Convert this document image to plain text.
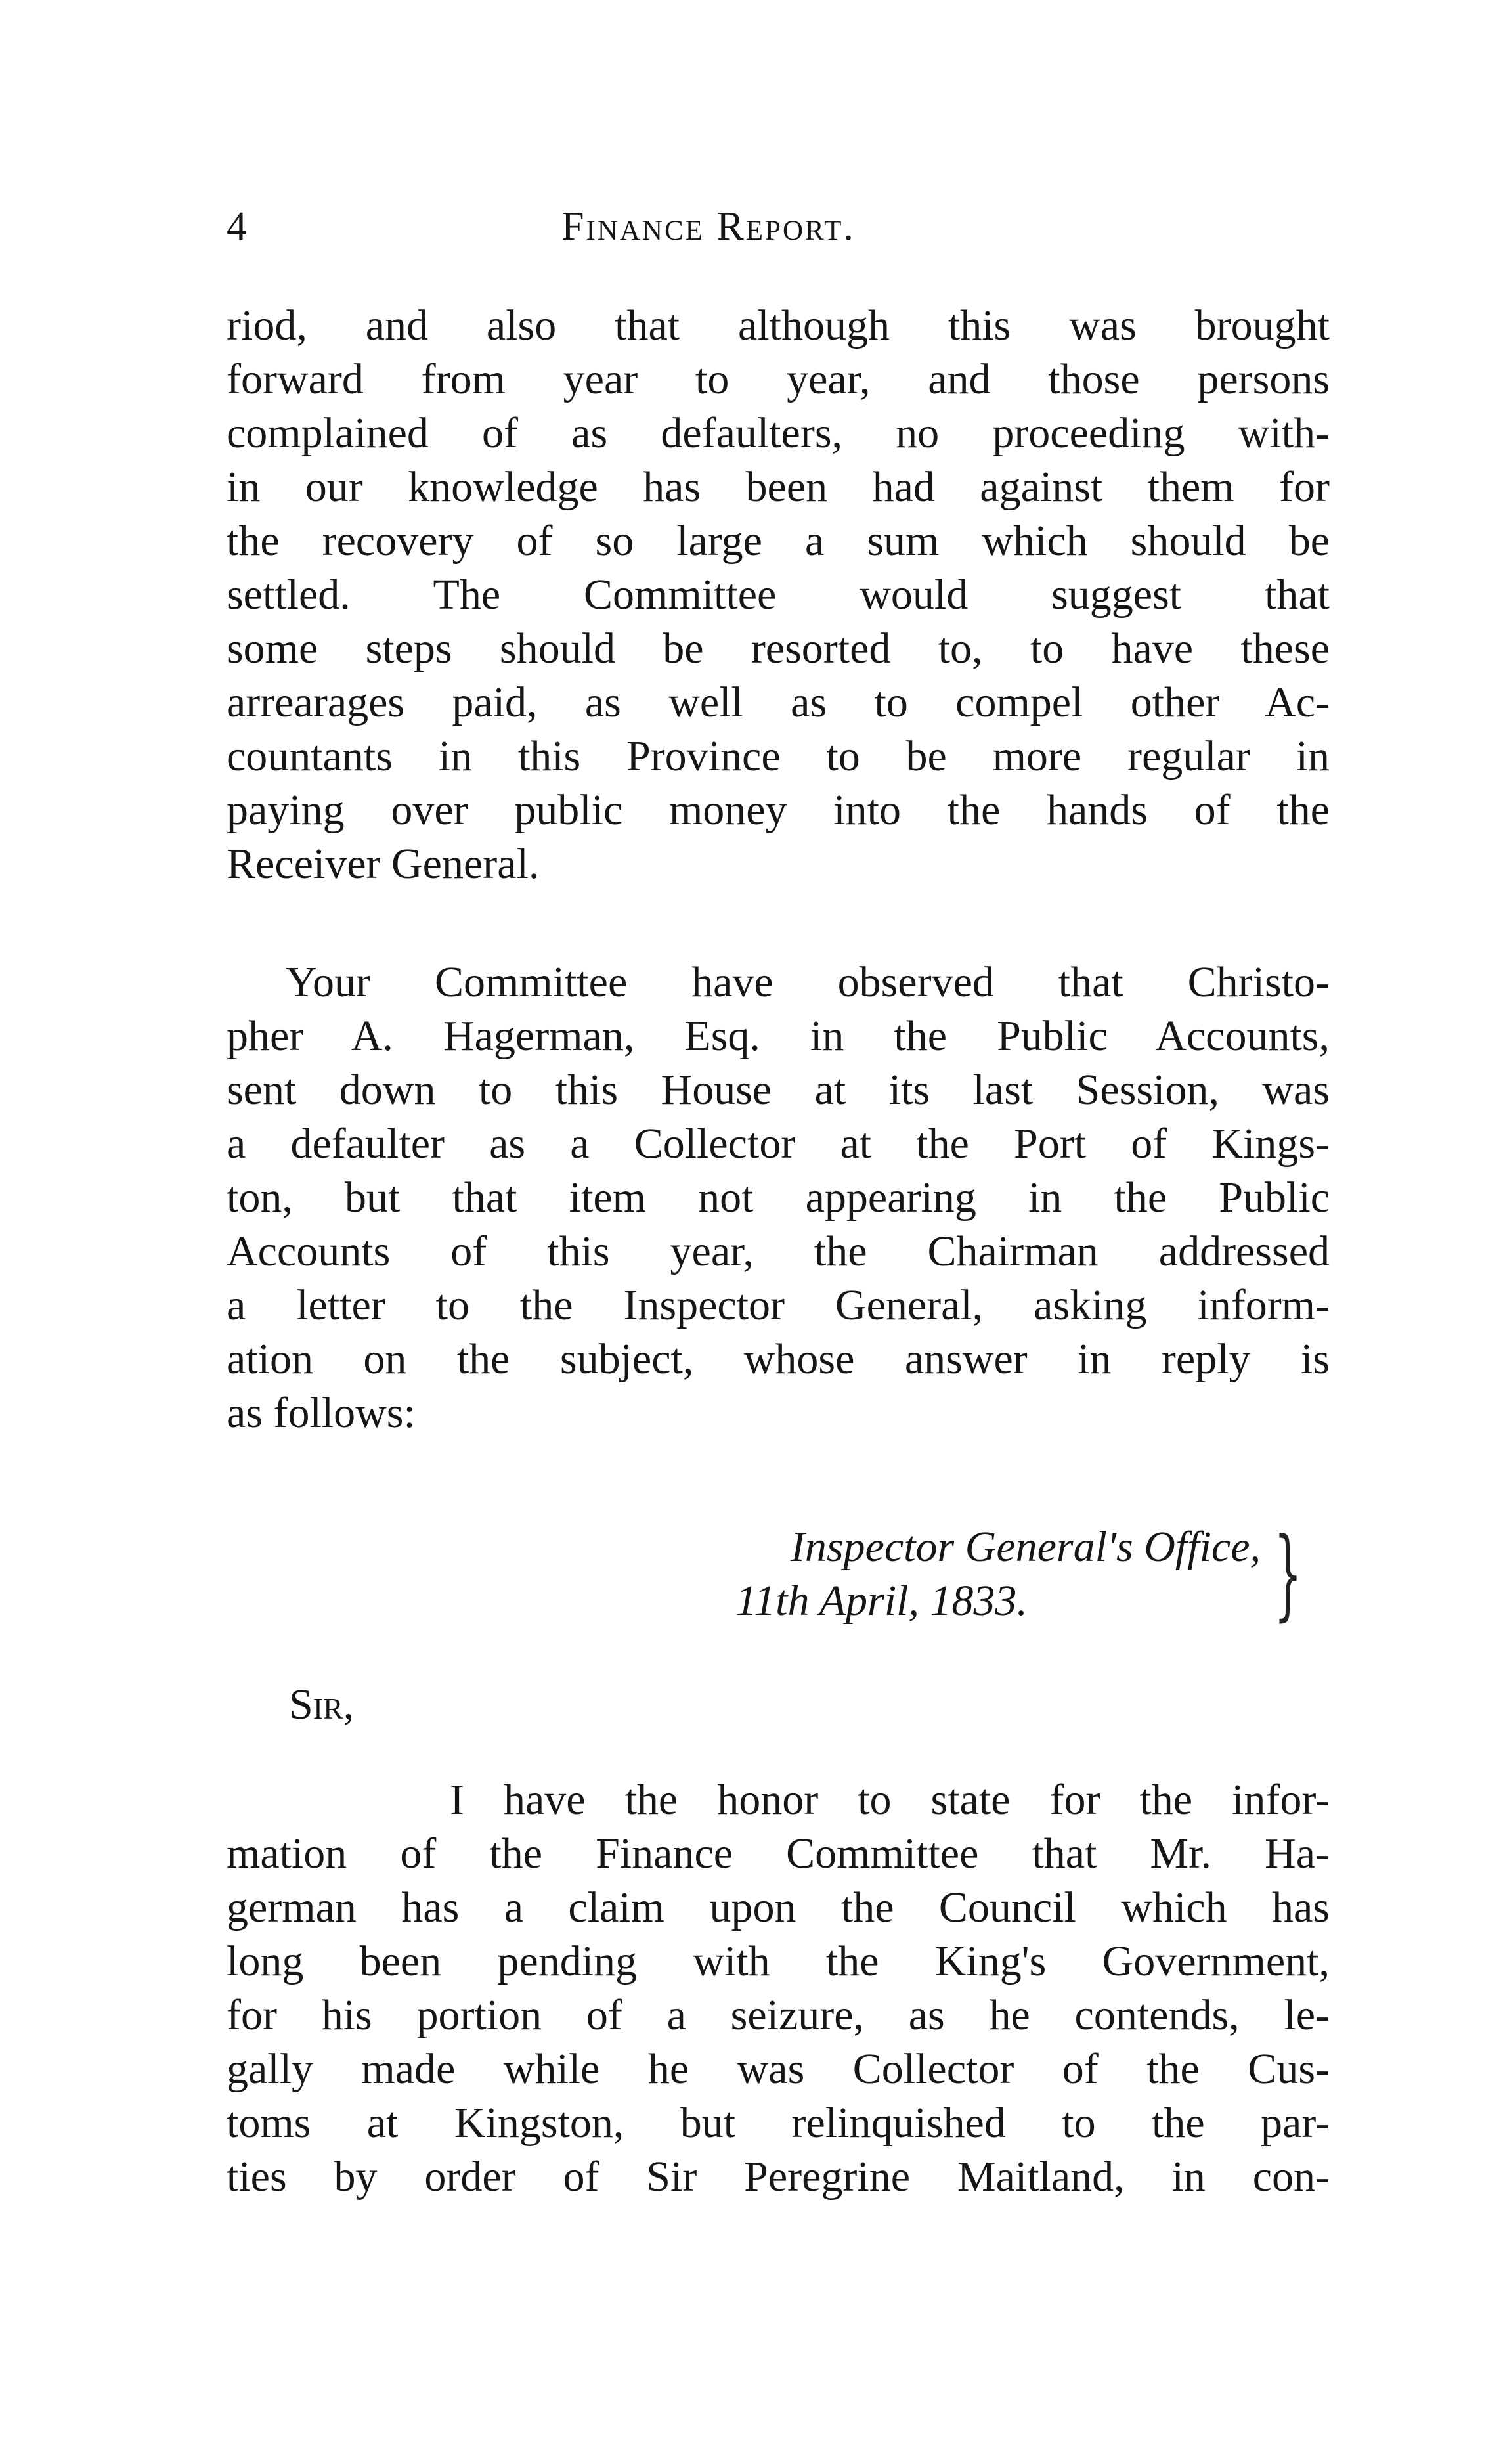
4	Finance Report.
riod, and also that although this was brought
forward from year to year, and those persons
complained of as defaulters, no proceeding with-
in our knowledge has been had against them for
the recovery of so large a sum which should be
settled. The Committee would suggest that
some steps should be resorted to, to have these
arrearages paid, as well as to compel other Ac-
countants in this Province to be more regular in
paying over public money into the hands of the
Receiver General.
Your Committee have observed that Christo-
pher A. Hagerman, Esq. in the Public Accounts,
sent down to this House at its last Session, was
a defaulter as a Collector at the Port of Kings-
ton, but that item not appearing in the Public
Accounts of this year, the Chairman addressed
a letter to the Inspector General, asking inform-
ation on the subject, whose answer in reply is
as follows:
Inspector General's Office,
11th April, 1833.	}
Sir,
I have the honor to state for the infor-
mation of the Finance Committee that Mr. Ha-
german has a claim upon the Council which has
long been pending with the King's Government,
for his portion of a seizure, as he contends, le-
gally made while he was Collector of the Cus-
toms at Kingston, but relinquished to the par-
ties by order of Sir Peregrine Maitland, in con-
